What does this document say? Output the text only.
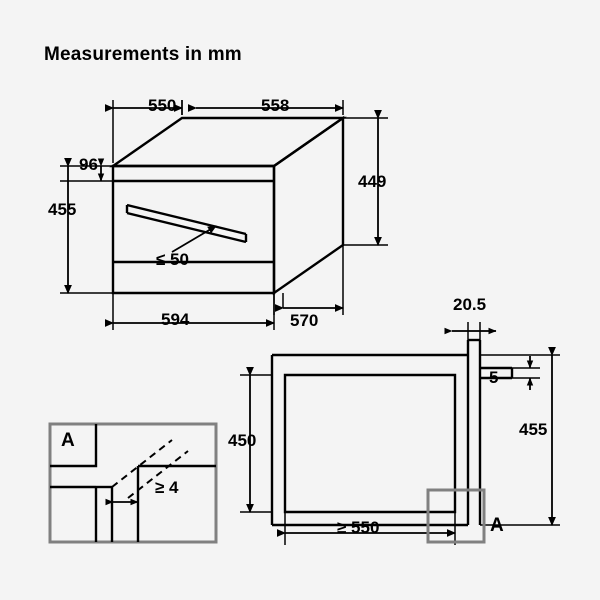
Measurements in mm
550	558
96
455
449
≤ 50
594	570
450
≥ 550
20.5
5
455
A
A
≥ 4
